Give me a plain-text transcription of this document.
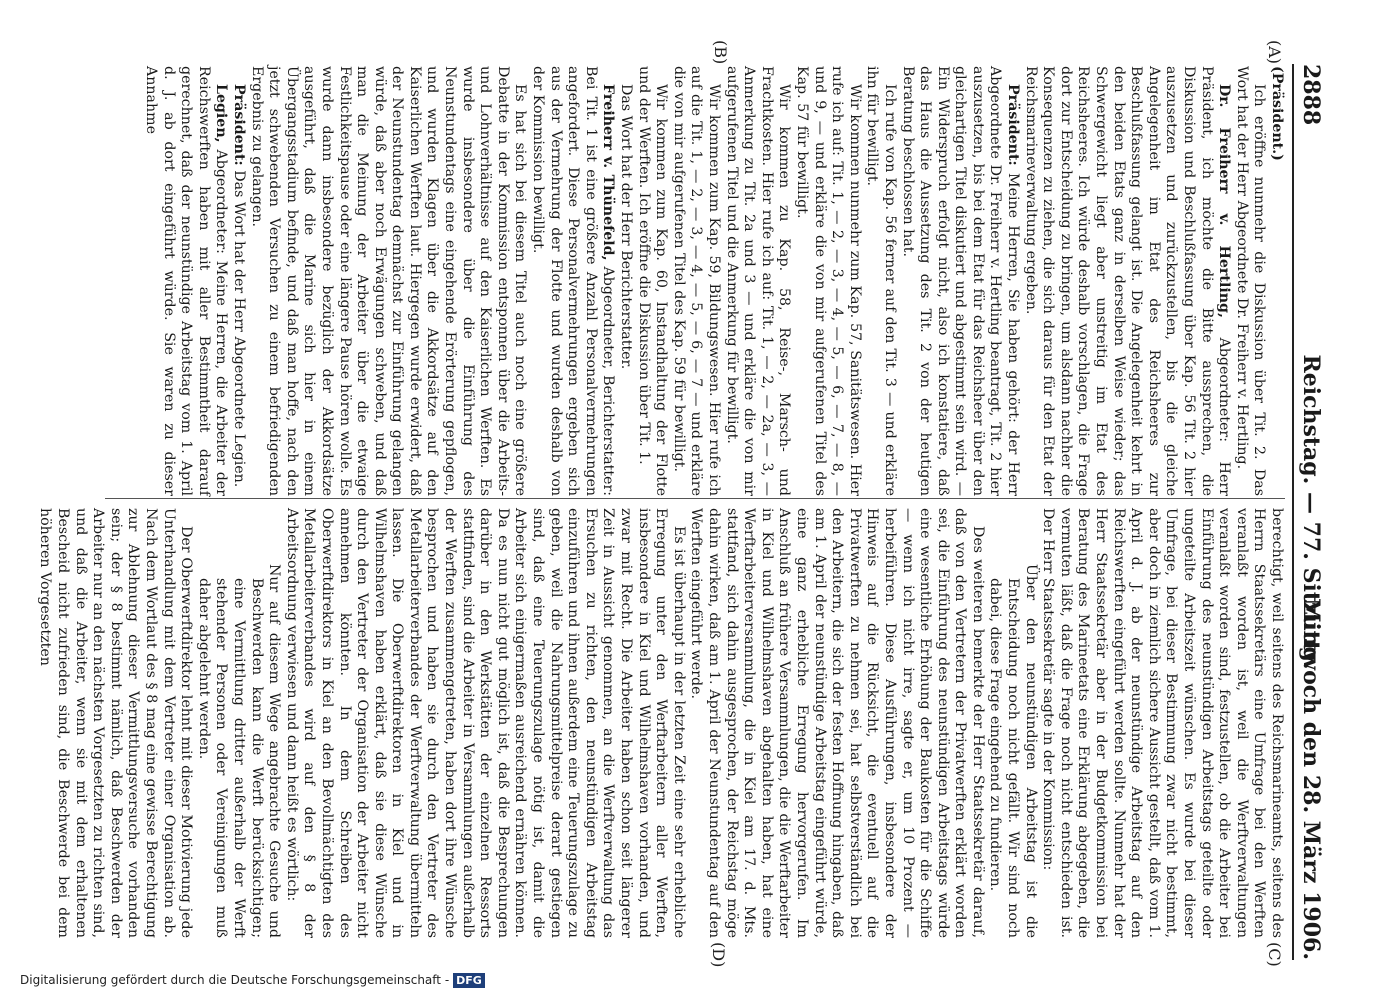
2888
Reichstag. — 77. Sitzung.
Mittwoch den 28. März 1906.
(A)
(B)
(C)
(D)

(Präsident.)

Ich eröffne nunmehr die Diskussion über Tit. 2. Das Wort hat der Herr Abgeordnete Dr. Freiherr v. Hertling.

Dr. Freiherr v. Hertling, Abgeordneter: Herr Präsident, ich möchte die Bitte aussprechen, die Diskussion und Beschlußfassung über Kap. 56 Tit. 2 hier auszusetzen und zurückzustellen, bis die gleiche Angelegenheit im Etat des Reichsheeres zur Beschlußfassung gelangt ist. Die Angelegenheit kehrt in den beiden Etats ganz in derselben Weise wieder; das Schwergewicht liegt aber unstreitig im Etat des Reichsheeres. Ich würde deshalb vorschlagen, die Frage dort zur Entscheidung zu bringen, um alsdann nachher die Konsequenzen zu ziehen, die sich daraus für den Etat der Reichsmarineverwaltung ergeben.

Präsident: Meine Herren, Sie haben gehört: der Herr Abgeordnete Dr. Freiherr v. Hertling beantragt, Tit. 2 hier auszusetzen, bis bei dem Etat für das Reichsheer über den gleichartigen Titel diskutiert und abgestimmt sein wird. — Ein Widerspruch erfolgt nicht, also ich konstatiere, daß das Haus die Aussetzung des Tit. 2 von der heutigen Beratung beschlossen hat.

Ich rufe von Kap. 56 ferner auf den Tit. 3 — und erkläre ihn für bewilligt.

Wir kommen nunmehr zum Kap. 57, Sanitätswesen. Hier rufe ich auf: Tit. 1, — 2, — 3, — 4, — 5, — 6, — 7, — 8, — und 9, — und erkläre die von mir aufgerufenen Titel des Kap. 57 für bewilligt.

Wir kommen zu Kap. 58, Reise-, Marsch- und Frachtkosten. Hier rufe ich auf: Tit. 1, — 2, — 2a, — 3, — Anmerkung zu Tit. 2a und 3 — und erkläre die von mir aufgerufenen Titel und die Anmerkung für bewilligt.

Wir kommen zum Kap. 59, Bildungswesen. Hier rufe ich auf die Tit. 1, — 2, — 3, — 4, — 5, — 6, — 7 — und erkläre die von mir aufgerufenen Titel des Kap. 59 für bewilligt.

Wir kommen zum Kap. 60, Instandhaltung der Flotte und der Werften. Ich eröffne die Diskussion über Tit. 1.

Das Wort hat der Herr Berichterstatter.

Freiherr v. Thünefeld, Abgeordneter, Berichterstatter: Bei Tit. 1 ist eine größere Anzahl Personalvermehrungen angefordert. Diese Personalvermehrungen ergeben sich aus der Vermehrung der Flotte und wurden deshalb von der Kommission bewilligt.

Es hat sich bei diesem Titel auch noch eine größere Debatte in der Kommission entsponnen über die Arbeits- und Lohnverhältnisse auf den Kaiserlichen Werften. Es wurde insbesondere über die Einführung des Neunstundentags eine eingehende Erörterung gepflogen, und wurden Klagen über die Akkordsätze auf den Kaiserlichen Werften laut. Hiergegen wurde erwidert, daß der Neunstundentag demnächst zur Einführung gelangen würde, daß aber noch Erwägungen schweben, und daß man die Meinung der Arbeiter über die etwaige Festlichkeitspause oder eine längere Pause hören wolle. Es wurde dann insbesondere bezüglich der Akkordsätze ausgeführt, daß die Marine sich hier in einem Übergangsstadium befinde, und daß man hoffe, nach den jetzt schwebenden Versuchen zu einem befriedigenden Ergebnis zu gelangen.

Präsident: Das Wort hat der Herr Abgeordnete Legien.

Legien, Abgeordneter: Meine Herren, die Arbeiter der Reichswerften haben mit aller Bestimmtheit darauf gerechnet, daß der neunstündige Arbeitstag vom 1. April d. J. ab dort eingeführt würde. Sie waren zu dieser Annahme

berechtigt, weil seitens des Reichsmarineamts, seitens des Herrn Staatssekretärs eine Umfrage bei den Werften veranlaßt worden ist, weil die Werftverwaltungen veranlaßt worden sind, festzustellen, ob die Arbeiter bei Einführung des neunstündigen Arbeitstags geteilte oder ungeteilte Arbeitszeit wünschen. Es wurde bei dieser Umfrage, bei dieser Bestimmung zwar nicht bestimmt, aber doch in ziemlich sichere Aussicht gestellt, daß vom 1. April d. J. ab der neunstündige Arbeitstag auf den Reichswerften eingeführt werden sollte. Nunmehr hat der Herr Staatssekretär aber in der Budgetkommission bei Beratung des Marineetats eine Erklärung abgegeben, die vermuten läßt, daß die Frage noch nicht entschieden ist. Der Herr Staatssekretär sagte in der Kommission:

Über den neunstündigen Arbeitstag ist die Entscheidung noch nicht gefällt. Wir sind noch dabei, diese Frage eingehend zu fundieren.

Des weiteren bemerkte der Herr Staatssekretär darauf, daß von den Vertretern der Privatwerften erklärt worden sei, die Einführung des neunstündigen Arbeitstags würde eine wesentliche Erhöhung der Baukosten für die Schiffe — wenn ich nicht irre, sagte er, um 10 Prozent — herbeiführen. Diese Ausführungen, insbesondere der Hinweis auf die Rücksicht, die eventuell auf die Privatwerften zu nehmen sei, hat selbstverständlich bei den Arbeitern, die sich der festen Hoffnung hingaben, daß am 1. April der neunstündige Arbeitstag eingeführt würde, eine ganz erhebliche Erregung hervorgerufen. Im Anschluß an frühere Versammlungen, die die Werftarbeiter in Kiel und Wilhelmshaven abgehalten haben, hat eine Werftarbeiterversammlung, die in Kiel am 17. d. Mts. stattfand, sich dahin ausgesprochen, der Reichstag möge dahin wirken, daß am 1. April der Neunstundentag auf den Werften eingeführt werde.

Es ist überhaupt in der letzten Zeit eine sehr erhebliche Erregung unter den Werftarbeitern aller Werften, insbesondere in Kiel und Wilhelmshaven vorhanden, und zwar mit Recht. Die Arbeiter haben schon seit längerer Zeit in Aussicht genommen, an die Werftverwaltung das Ersuchen zu richten, den neunstündigen Arbeitstag einzuführen und ihnen außerdem eine Teuerungszulage zu geben, weil die Nahrungsmittelpreise derart gestiegen sind, daß eine Teuerungszulage nötig ist, damit die Arbeiter sich einigermaßen ausreichend ernähren können. Da es nun nicht gut möglich ist, daß die Besprechungen darüber in den Werkstätten der einzelnen Ressorts stattfinden, sind die Arbeiter in Versammlungen außerhalb der Werften zusammengetreten, haben dort ihre Wünsche besprochen und haben sie durch den Vertreter des Metallarbeiterverbandes der Werftverwaltung übermitteln lassen. Die Oberwerftdirektoren in Kiel und in Wilhelmshaven haben erklärt, daß sie diese Wünsche durch den Vertreter der Organisation der Arbeiter nicht annehmen könnten. In dem Schreiben des Oberwerftdirektors in Kiel an den Bevollmächtigten des Metallarbeiterverbandes wird auf den § 8 der Arbeitsordnung verwiesen und dann heißt es wörtlich:

Nur auf diesem Wege angebrachte Gesuche und Beschwerden kann die Werft berücksichtigen; eine Vermittlung dritter außerhalb der Werft stehender Personen oder Vereinigungen muß daher abgelehnt werden.

Der Oberwerftdirektor lehnt mit dieser Motivierung jede Unterhandlung mit dem Vertreter einer Organisation ab. Nach dem Wortlaut des § 8 mag eine gewisse Berechtigung zur Ablehnung dieser Vermittlungsversuche vorhanden sein; der § 8 bestimmt nämlich, daß Beschwerden der Arbeiter nur an den nächsten Vorgesetzten zu richten sind, und daß die Arbeiter, wenn sie mit dem erhaltenen Bescheid nicht zufrieden sind, die Beschwerde bei dem höheren Vorgesetzten

Digitalisierung gefördert durch die Deutsche Forschungsgemeinschaft - DFG
